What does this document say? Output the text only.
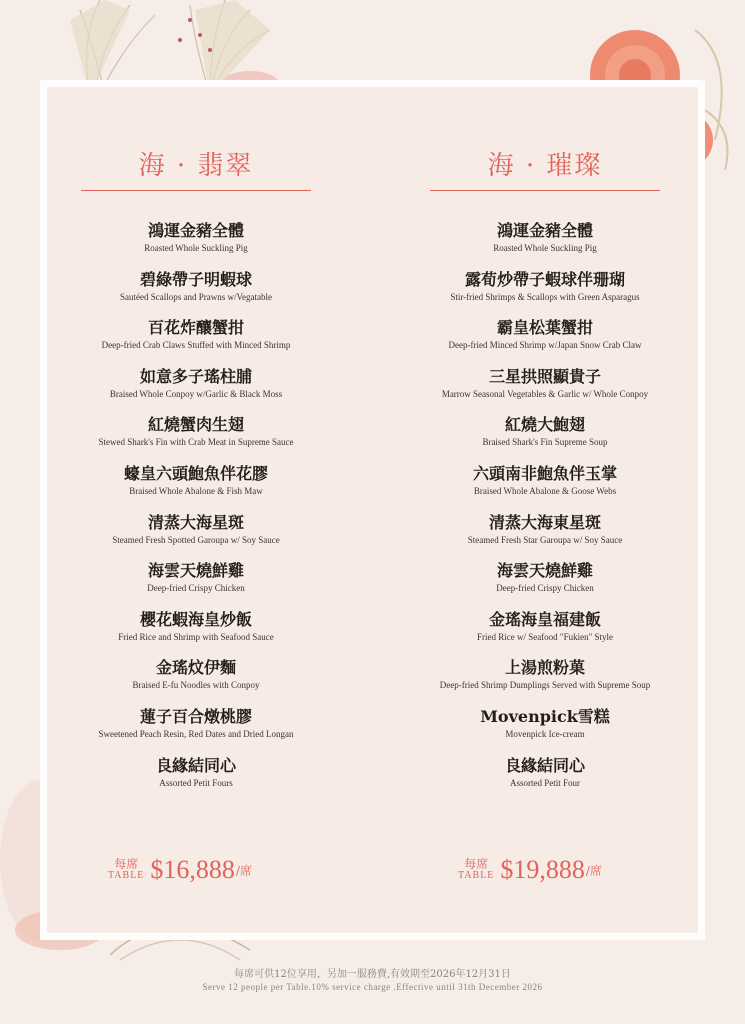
海 · 翡翠
鴻運金豬全體
Roasted Whole Suckling Pig
碧綠帶子明蝦球
Sautéed Scallops and Prawns w/Vegatable
百花炸釀蟹拑
Deep-fried Crab Claws Stuffed with Minced Shrimp
如意多子瑤柱脯
Braised Whole Conpoy w/Garlic & Black Moss
紅燒蟹肉生翅
Stewed Shark's Fin with Crab Meat in Supreme Sauce
蠔皇六頭鮑魚伴花膠
Braised Whole Abalone & Fish Maw
清蒸大海星斑
Steamed Fresh Spotted Garoupa w/ Soy Sauce
海雲天燒鮮雞
Deep-fried Crispy Chicken
櫻花蝦海皇炒飯
Fried Rice and Shrimp with Seafood Sauce
金瑤炆伊麵
Braised E-fu Noodles with Conpoy
蓮子百合燉桃膠
Sweetened Peach Resin, Red Dates and Dried Longan
良緣結同心
Assorted Petit Fours
海 · 璀璨
鴻運金豬全體
Roasted Whole Suckling Pig
露荀炒帶子蝦球伴珊瑚
Stir-fried Shrimps & Scallops with Green Asparagus
霸皇松葉蟹拑
Deep-fried Minced Shrimp w/Japan Snow Crab Claw
三星拱照顯貴子
Marrow Seasonal Vegetables & Garlic w/ Whole Conpoy
紅燒大鮑翅
Braised Shark's Fin Supreme Soup
六頭南非鮑魚伴玉掌
Braised Whole Abalone & Goose Webs
清蒸大海東星斑
Steamed Fresh Star Garoupa w/ Soy Sauce
海雲天燒鮮雞
Deep-fried Crispy Chicken
金瑤海皇福建飯
Fried Rice w/ Seafood "Fukien" Style
上湯煎粉菓
Deep-fried Shrimp Dumplings Served with Supreme Soup
Movenpick雪糕
Movenpick Ice-cream
良緣結同心
Assorted Petit Four
每席
TABLE $16,888 /席	每席
TABLE $19,888 /席
每席可供12位享用，另加一服務費,有效期至2026年12月31日
Serve 12 people per Table.10% service charge .Effective until 31th December 2026
